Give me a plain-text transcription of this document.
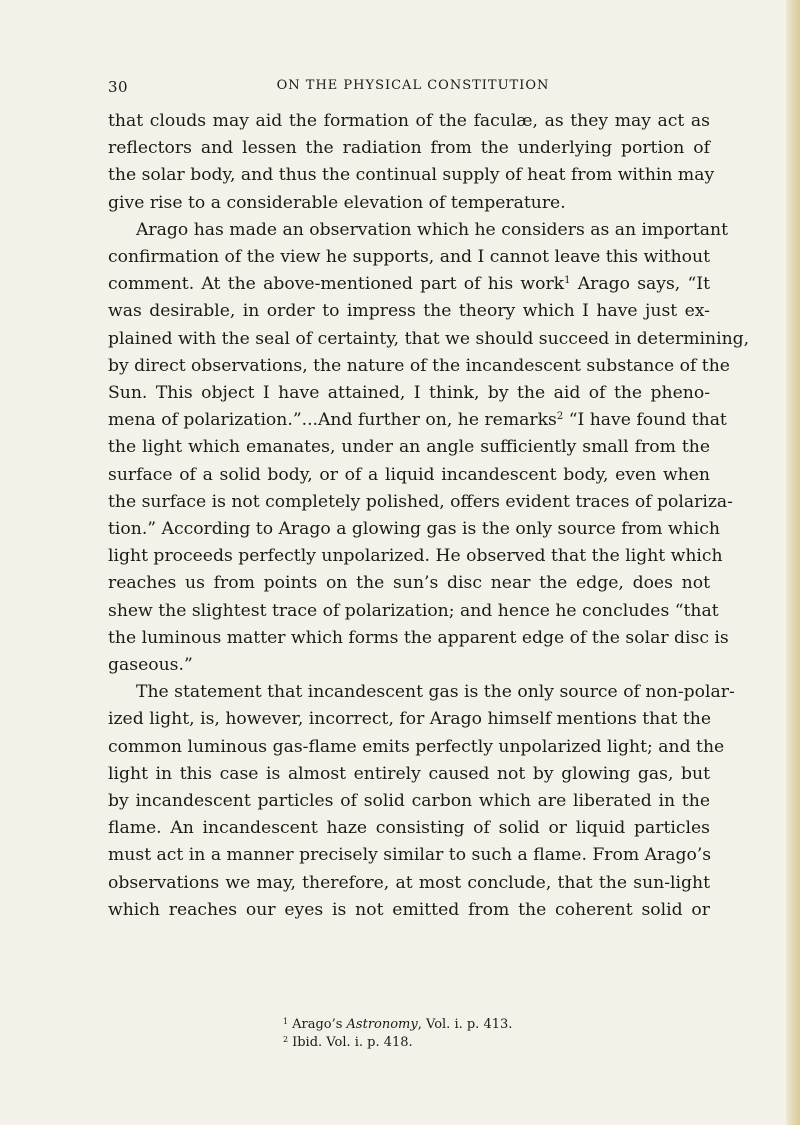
30	ON THE PHYSICAL CONSTITUTION
that clouds may aid the formation of the faculæ, as they may act as
reflectors and lessen the radiation from the underlying portion of
the solar body, and thus the continual supply of heat from within may
give rise to a considerable elevation of temperature.
Arago has made an observation which he considers as an important
confirmation of the view he supports, and I cannot leave this without
comment. At the above-mentioned part of his work$^1$ Arago says, “It
was desirable, in order to impress the theory which I have just ex-
plained with the seal of certainty, that we should succeed in determining,
by direct observations, the nature of the incandescent substance of the
Sun. This object I have attained, I think, by the aid of the pheno-
mena of polarization.”...And further on, he remarks$^2$ “I have found that
the light which emanates, under an angle sufficiently small from the
surface of a solid body, or of a liquid incandescent body, even when
the surface is not completely polished, offers evident traces of polariza-
tion.” According to Arago a glowing gas is the only source from which
light proceeds perfectly unpolarized. He observed that the light which
reaches us from points on the sun’s disc near the edge, does not
shew the slightest trace of polarization; and hence he concludes “that
the luminous matter which forms the apparent edge of the solar disc is
gaseous.”
The statement that incandescent gas is the only source of non-polar-
ized light, is, however, incorrect, for Arago himself mentions that the
common luminous gas-flame emits perfectly unpolarized light; and the
light in this case is almost entirely caused not by glowing gas, but
by incandescent particles of solid carbon which are liberated in the
flame. An incandescent haze consisting of solid or liquid particles
must act in a manner precisely similar to such a flame. From Arago’s
observations we may, therefore, at most conclude, that the sun-light
which reaches our eyes is not emitted from the coherent solid or
$^1$ Arago’s Astronomy, Vol. i. p. 413.
$^2$ Ibid. Vol. i. p. 418.
